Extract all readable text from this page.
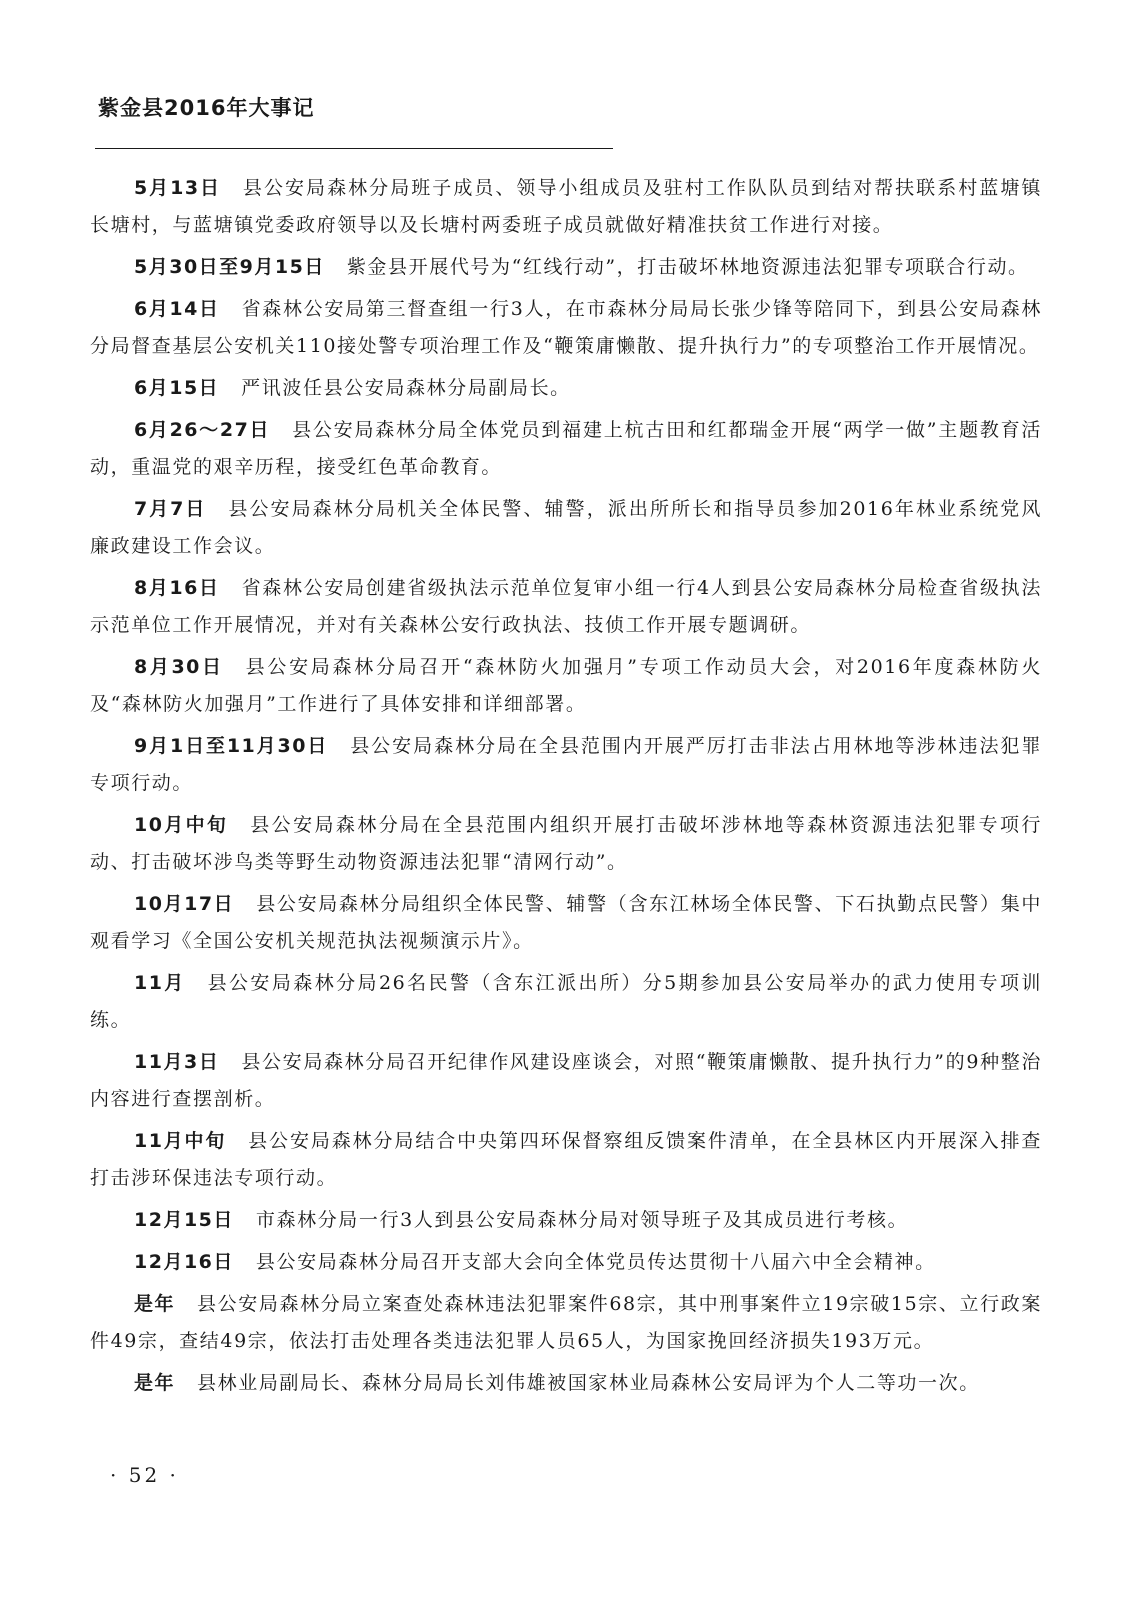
紫金县2016年大事记

5月13日 县公安局森林分局班子成员、领导小组成员及驻村工作队队员到结对帮扶联系村蓝塘镇长塘村，与蓝塘镇党委政府领导以及长塘村两委班子成员就做好精准扶贫工作进行对接。

5月30日至9月15日 紫金县开展代号为“红线行动”，打击破坏林地资源违法犯罪专项联合行动。

6月14日 省森林公安局第三督查组一行3人，在市森林分局局长张少锋等陪同下，到县公安局森林分局督查基层公安机关110接处警专项治理工作及“鞭策庸懒散、提升执行力”的专项整治工作开展情况。

6月15日 严讯波任县公安局森林分局副局长。

6月26～27日 县公安局森林分局全体党员到福建上杭古田和红都瑞金开展“两学一做”主题教育活动，重温党的艰辛历程，接受红色革命教育。

7月7日 县公安局森林分局机关全体民警、辅警，派出所所长和指导员参加2016年林业系统党风廉政建设工作会议。

8月16日 省森林公安局创建省级执法示范单位复审小组一行4人到县公安局森林分局检查省级执法示范单位工作开展情况，并对有关森林公安行政执法、技侦工作开展专题调研。

8月30日 县公安局森林分局召开“森林防火加强月”专项工作动员大会，对2016年度森林防火及“森林防火加强月”工作进行了具体安排和详细部署。

9月1日至11月30日 县公安局森林分局在全县范围内开展严厉打击非法占用林地等涉林违法犯罪专项行动。

10月中旬 县公安局森林分局在全县范围内组织开展打击破坏涉林地等森林资源违法犯罪专项行动、打击破坏涉鸟类等野生动物资源违法犯罪“清网行动”。

10月17日 县公安局森林分局组织全体民警、辅警（含东江林场全体民警、下石执勤点民警）集中观看学习《全国公安机关规范执法视频演示片》。

11月 县公安局森林分局26名民警（含东江派出所）分5期参加县公安局举办的武力使用专项训练。

11月3日 县公安局森林分局召开纪律作风建设座谈会，对照“鞭策庸懒散、提升执行力”的9种整治内容进行查摆剖析。

11月中旬 县公安局森林分局结合中央第四环保督察组反馈案件清单，在全县林区内开展深入排查打击涉环保违法专项行动。

12月15日 市森林分局一行3人到县公安局森林分局对领导班子及其成员进行考核。

12月16日 县公安局森林分局召开支部大会向全体党员传达贯彻十八届六中全会精神。

是年 县公安局森林分局立案查处森林违法犯罪案件68宗，其中刑事案件立19宗破15宗、立行政案件49宗，查结49宗，依法打击处理各类违法犯罪人员65人，为国家挽回经济损失193万元。

是年 县林业局副局长、森林分局局长刘伟雄被国家林业局森林公安局评为个人二等功一次。

· 52 ·
